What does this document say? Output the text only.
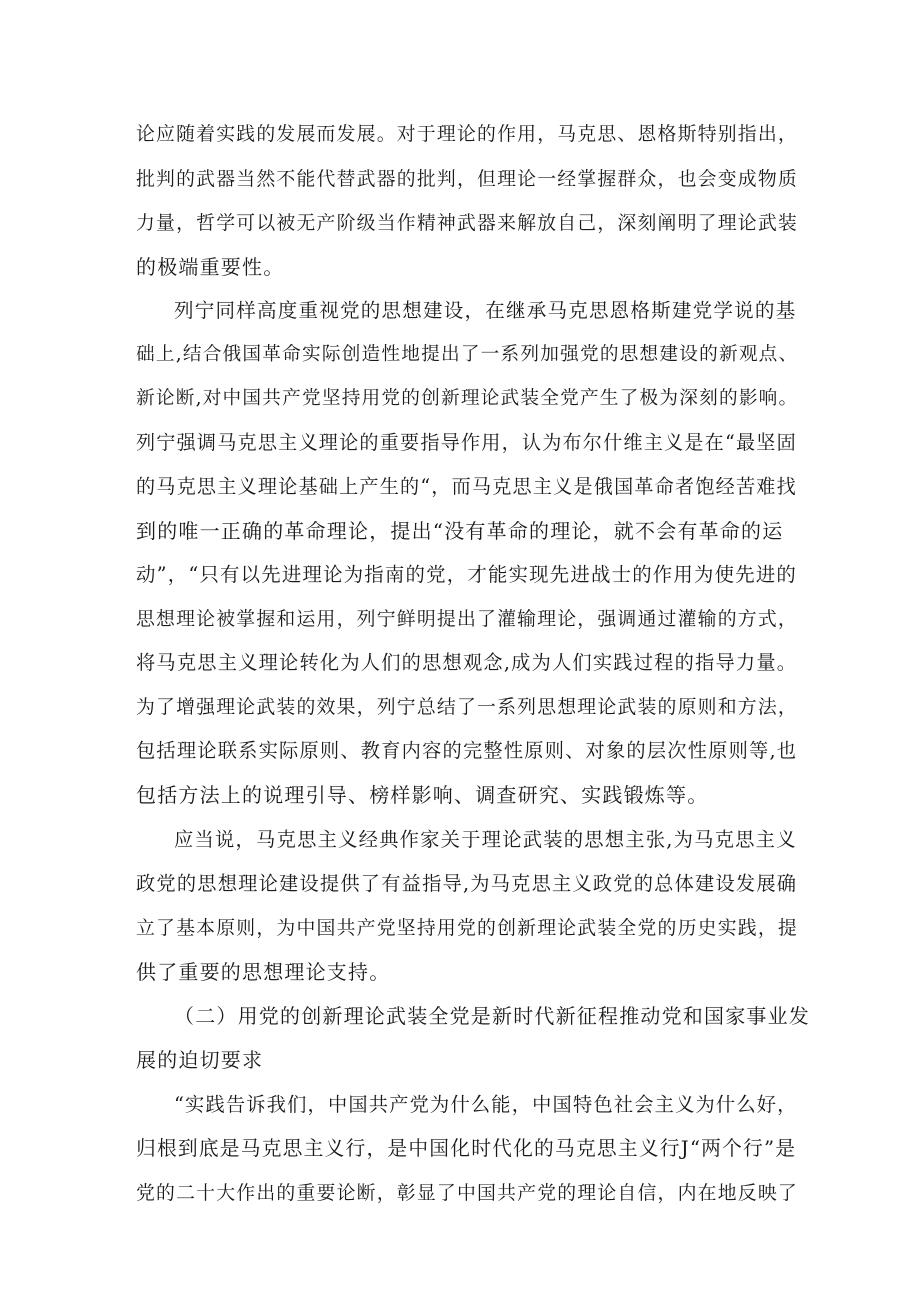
论应随着实践的发展而发展。对于理论的作用，马克思、恩格斯特别指出，
批判的武器当然不能代替武器的批判，但理论一经掌握群众，也会变成物质
力量，哲学可以被无产阶级当作精神武器来解放自己，深刻阐明了理论武装
的极端重要性。
列宁同样高度重视党的思想建设，在继承马克思恩格斯建党学说的基
础上,结合俄国革命实际创造性地提出了一系列加强党的思想建设的新观点、
新论断,对中国共产党坚持用党的创新理论武装全党产生了极为深刻的影响。
列宁强调马克思主义理论的重要指导作用，认为布尔什维主义是在“最坚固
的马克思主义理论基础上产生的“，而马克思主义是俄国革命者饱经苦难找
到的唯一正确的革命理论，提出“没有革命的理论，就不会有革命的运
动”，“只有以先进理论为指南的党，才能实现先进战士的作用为使先进的
思想理论被掌握和运用，列宁鲜明提出了灌输理论，强调通过灌输的方式，
将马克思主义理论转化为人们的思想观念,成为人们实践过程的指导力量。
为了增强理论武装的效果，列宁总结了一系列思想理论武装的原则和方法，
包括理论联系实际原则、教育内容的完整性原则、对象的层次性原则等,也
包括方法上的说理引导、榜样影响、调查研究、实践锻炼等。
应当说，马克思主义经典作家关于理论武装的思想主张,为马克思主义
政党的思想理论建设提供了有益指导,为马克思主义政党的总体建设发展确
立了基本原则，为中国共产党坚持用党的创新理论武装全党的历史实践，提
供了重要的思想理论支持。
（二）用党的创新理论武装全党是新时代新征程推动党和国家事业发
展的迫切要求
“实践告诉我们，中国共产党为什么能，中国特色社会主义为什么好，
归根到底是马克思主义行，是中国化时代化的马克思主义行J“两个行”是
党的二十大作出的重要论断，彰显了中国共产党的理论自信，内在地反映了
